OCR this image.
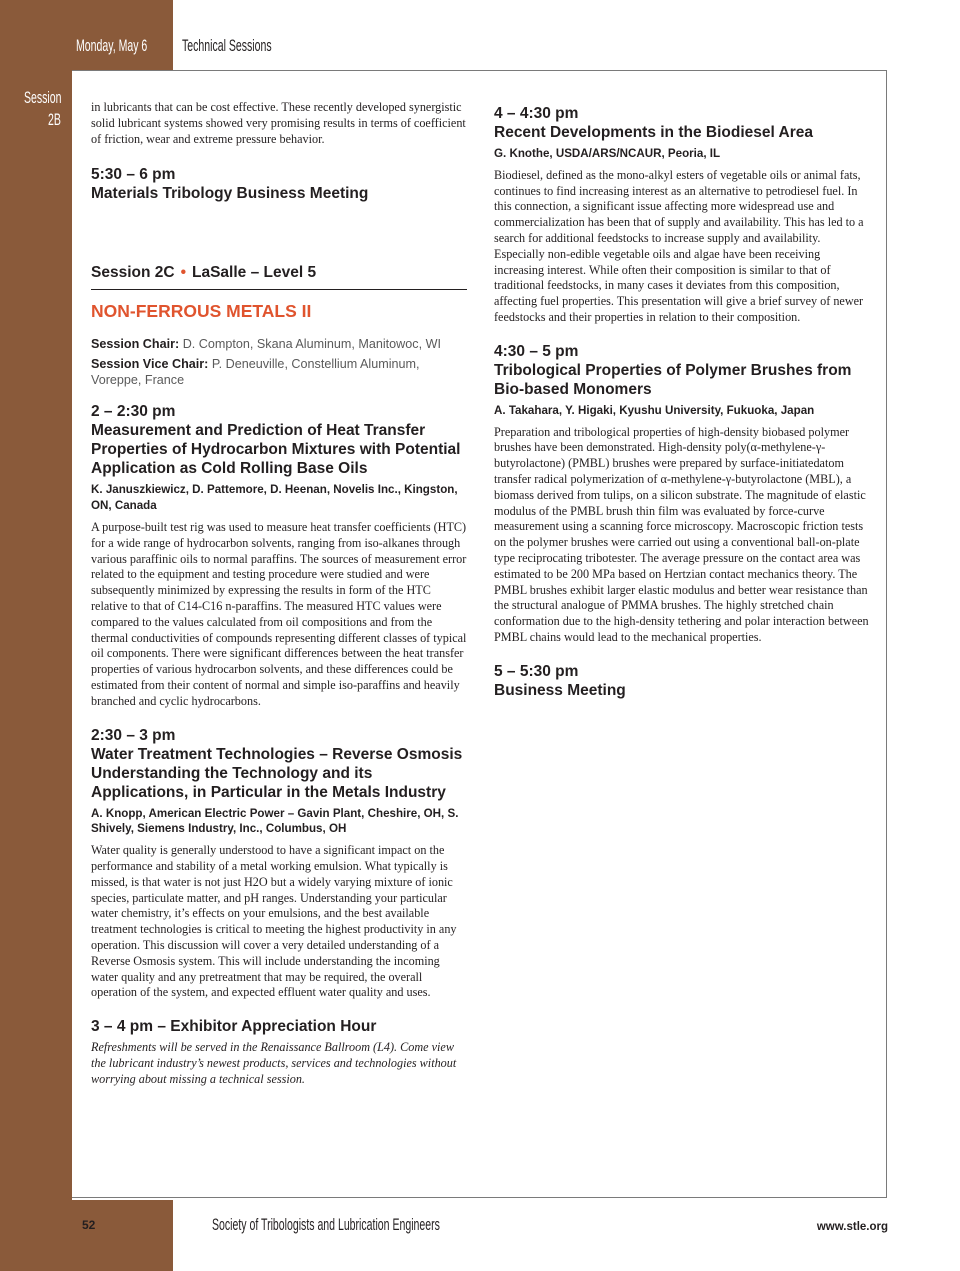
Monday, May 6 Technical Sessions
Session
2B

in lubricants that can be cost effective. These recently developed synergistic solid lubricant systems showed very promising results in terms of coefficient of friction, wear and extreme pressure behavior.

5:30 – 6 pm

Materials Tribology Business Meeting

Session 2C • LaSalle – Level 5

NON-FERROUS METALS II

Session Chair: D. Compton, Skana Aluminum, Manitowoc, WI

Session Vice Chair: P. Deneuville, Constellium Aluminum, Voreppe, France

2 – 2:30 pm

Measurement and Prediction of Heat Transfer Properties of Hydrocarbon Mixtures with Potential Application as Cold Rolling Base Oils

K. Januszkiewicz, D. Pattemore, D. Heenan, Novelis Inc., Kingston, ON, Canada

A purpose-built test rig was used to measure heat transfer coefficients (HTC) for a wide range of hydrocarbon solvents, ranging from iso-alkanes through various paraffinic oils to normal paraffins. The sources of measurement error related to the equipment and testing procedure were studied and were subsequently minimized by expressing the results in form of the HTC relative to that of C14-C16 n-paraffins. The measured HTC values were compared to the values calculated from oil compositions and from the thermal conductivities of compounds representing different classes of typical oil components. There were significant differences between the heat transfer properties of various hydrocarbon solvents, and these differences could be estimated from their content of normal and simple iso-paraffins and heavily branched and cyclic hydrocarbons.

2:30 – 3 pm

Water Treatment Technologies – Reverse Osmosis Understanding the Technology and its Applications, in Particular in the Metals Industry

A. Knopp, American Electric Power – Gavin Plant, Cheshire, OH, S. Shively, Siemens Industry, Inc., Columbus, OH

Water quality is generally understood to have a significant impact on the performance and stability of a metal working emulsion. What typically is missed, is that water is not just H2O but a widely varying mixture of ionic species, particulate matter, and pH ranges. Understanding your particular water chemistry, it’s effects on your emulsions, and the best available treatment technologies is critical to meeting the highest productivity in any operation. This discussion will cover a very detailed understanding of a Reverse Osmosis system. This will include understanding the incoming water quality and any pretreatment that may be required, the overall operation of the system, and expected effluent water quality and uses.

3 – 4 pm – Exhibitor Appreciation Hour

Refreshments will be served in the Renaissance Ballroom (L4). Come view the lubricant industry’s newest products, services and technologies without worrying about missing a technical session.

4 – 4:30 pm

Recent Developments in the Biodiesel Area

G. Knothe, USDA/ARS/NCAUR, Peoria, IL

Biodiesel, defined as the mono-alkyl esters of vegetable oils or animal fats, continues to find increasing interest as an alternative to petrodiesel fuel. In this connection, a significant issue affecting more widespread use and commercialization has been that of supply and availability. This has led to a search for additional feedstocks to increase supply and availability. Especially non-edible vegetable oils and algae have been receiving increasing interest. While often their composition is similar to that of traditional feedstocks, in many cases it deviates from this composition, affecting fuel properties. This presentation will give a brief survey of newer feedstocks and their properties in relation to their composition.

4:30 – 5 pm

Tribological Properties of Polymer Brushes from Bio-based Monomers

A. Takahara, Y. Higaki, Kyushu University, Fukuoka, Japan

Preparation and tribological properties of high-density biobased polymer brushes have been demonstrated. High-density poly(α-methylene-γ-butyrolactone) (PMBL) brushes were prepared by surface-initiatedatom transfer radical polymerization of α-methylene-γ-butyrolactone (MBL), a biomass derived from tulips, on a silicon substrate. The magnitude of elastic modulus of the PMBL brush thin film was evaluated by force-curve measurement using a scanning force microscopy. Macroscopic friction tests on the polymer brushes were carried out using a conventional ball-on-plate type reciprocating tribotester. The average pressure on the contact area was estimated to be 200 MPa based on Hertzian contact mechanics theory. The PMBL brushes exhibit larger elastic modulus and better wear resistance than the structural analogue of PMMA brushes. The highly stretched chain conformation due to the high-density tethering and polar interaction between PMBL chains would lead to the mechanical properties.

5 – 5:30 pm

Business Meeting

52	Society of Tribologists and Lubrication Engineers	www.stle.org
